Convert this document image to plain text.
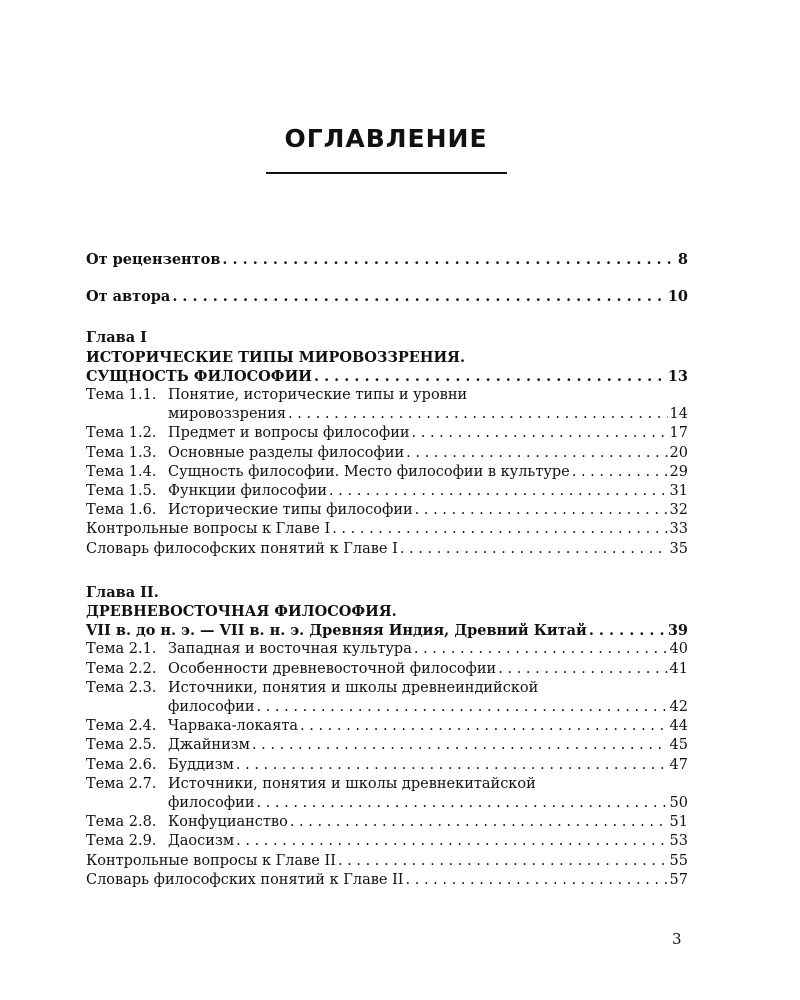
ОГЛАВЛЕНИЕ
От рецензентов . . .	8
От автора . . .	10
Глава I
ИСТОРИЧЕСКИЕ ТИПЫ МИРОВОЗЗРЕНИЯ.
СУЩНОСТЬ ФИЛОСОФИИ . . .	13
Тема 1.1. Понятие, исторические типы и уровни
мировоззрения . . .	14
Тема 1.2. Предмет и вопросы философии . . .	17
Тема 1.3. Основные разделы философии . . .	20
Тема 1.4. Сущность философии. Место философии в культуре . . .	29
Тема 1.5. Функции философии . . .	31
Тема 1.6. Исторические типы философии . . .	32
Контрольные вопросы к Главе I . . .	33
Словарь философских понятий к Главе I . . .	35
Глава II.
ДРЕВНЕВОСТОЧНАЯ ФИЛОСОФИЯ.
VII в. до н. э. — VII в. н. э. Древняя Индия, Древний Китай . . .	39
Тема 2.1. Западная и восточная культура . . .	40
Тема 2.2. Особенности древневосточной философии . . .	41
Тема 2.3. Источники, понятия и школы древнеиндийской
философии . . .	42
Тема 2.4. Чарвака-локаята . . .	44
Тема 2.5. Джайнизм . . .	45
Тема 2.6. Буддизм . . .	47
Тема 2.7. Источники, понятия и школы древнекитайской
философии . . .	50
Тема 2.8. Конфуцианство . . .	51
Тема 2.9. Даосизм . . .	53
Контрольные вопросы к Главе II . . .	55
Словарь философских понятий к Главе II . . .	57
3
